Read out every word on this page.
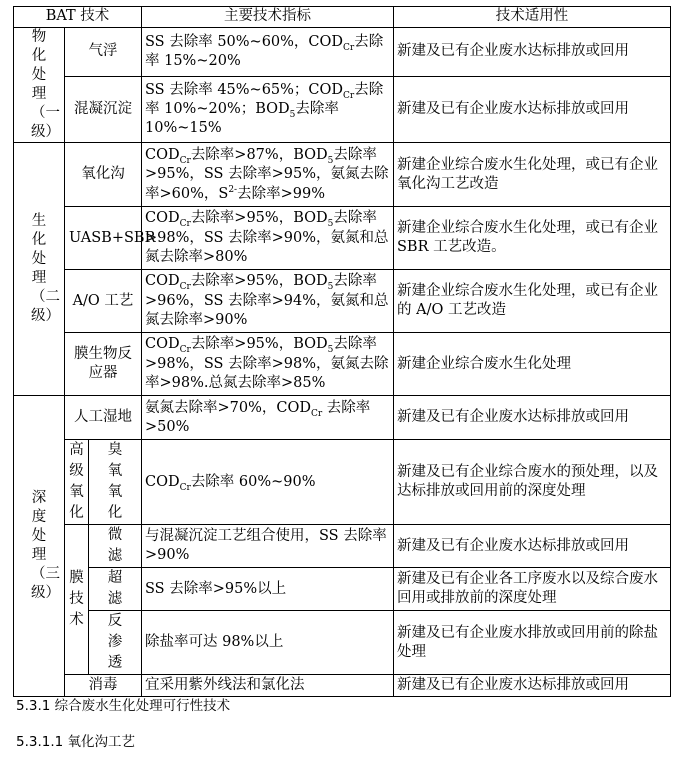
BAT 技术			主要技术指标	技术适用性
物化处理（一级）	气浮		SS 去除率 50%~60%，$COD_{Cr}$去除率 15%~20%	新建及已有企业废水达标排放或回用
	混凝沉淀		SS 去除率 45%~65%；$COD_{Cr}$去除率 10%~20%；$BOD_5$去除率 10%~15%	新建及已有企业废水达标排放或回用
生化处理（二级）	氧化沟		$COD_{Cr}$去除率>87%，$BOD_5$去除率>95%，SS 去除率>95%，氨氮去除率>60%，$S^{2-}$去除率>99%	新建企业综合废水生化处理，或已有企业氧化沟工艺改造
	UASB+SBR		$COD_{Cr}$去除率>95%，$BOD_5$去除率>98%，SS 去除率>90%，氨氮和总氮去除率>80%	新建企业综合废水生化处理，或已有企业 SBR 工艺改造。
	A/O 工艺		$COD_{Cr}$去除率>95%，$BOD_5$去除率>96%，SS 去除率>94%，氨氮和总氮去除率>90%	新建企业综合废水生化处理，或已有企业的 A/O 工艺改造
	膜生物反应器		$COD_{Cr}$去除率>95%，$BOD_5$去除率>98%，SS 去除率>98%，氨氮去除率>98%.总氮去除率>85%	新建企业综合废水生化处理
深度处理（三级）	人工湿地		氨氮去除率>70%，$COD_{Cr}$ 去除率>50%	新建及已有企业废水达标排放或回用
	高级氧化	臭氧氧化	$COD_{Cr}$去除率 60%~90%	新建及已有企业综合废水的预处理，以及达标排放或回用前的深度处理
	膜技术	微滤	与混凝沉淀工艺组合使用，SS 去除率>90%	新建及已有企业废水达标排放或回用
		超滤	SS 去除率>95%以上	新建及已有企业各工序废水以及综合废水回用或排放前的深度处理
		反渗透	除盐率可达 98%以上	新建及已有企业废水排放或回用前的除盐处理
	消毒		宜采用紫外线法和氯化法	新建及已有企业废水达标排放或回用
5.3.1 综合废水生化处理可行性技术
5.3.1.1 氧化沟工艺
